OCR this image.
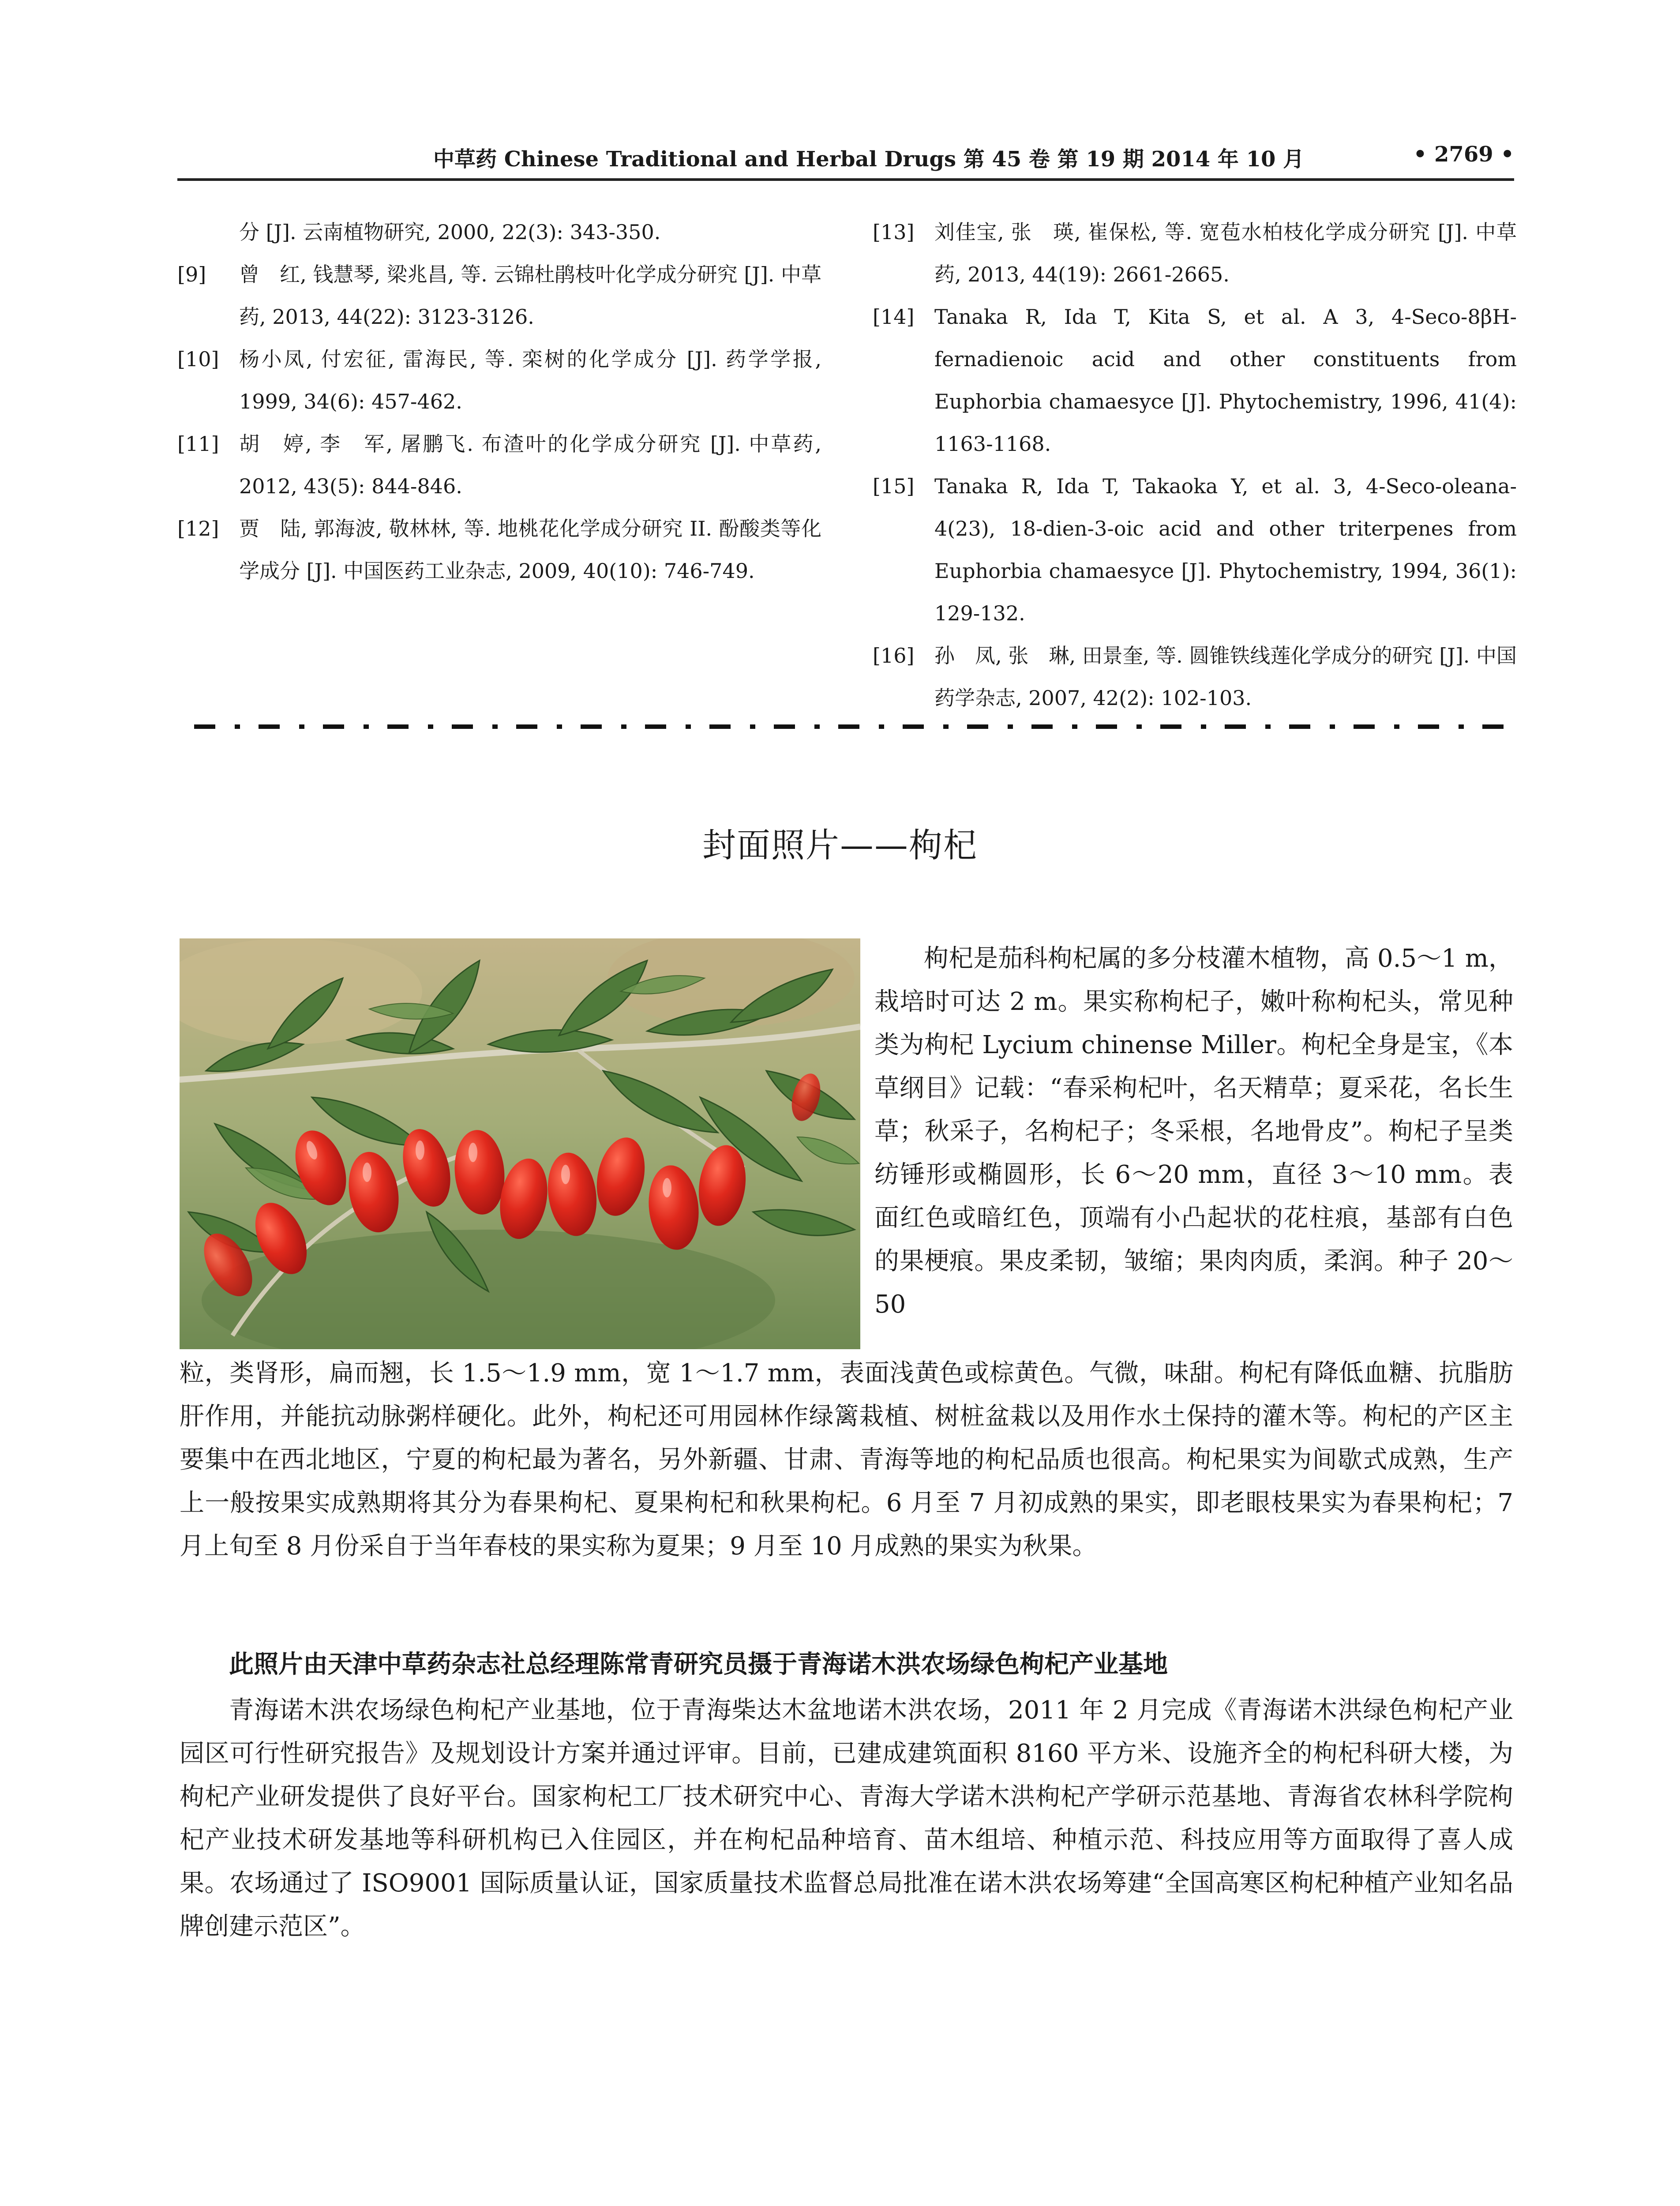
中草药 Chinese Traditional and Herbal Drugs 第 45 卷 第 19 期 2014 年 10 月	• 2769 •

分 [J]. 云南植物研究, 2000, 22(3): 343-350.

[9] 曾　红, 钱慧琴, 梁兆昌, 等. 云锦杜鹃枝叶化学成分研究 [J]. 中草药, 2013, 44(22): 3123-3126.

[10] 杨小凤, 付宏征, 雷海民, 等. 栾树的化学成分 [J]. 药学学报, 1999, 34(6): 457-462.

[11] 胡　婷, 李　军, 屠鹏飞. 布渣叶的化学成分研究 [J]. 中草药, 2012, 43(5): 844-846.

[12] 贾　陆, 郭海波, 敬林林, 等. 地桃花化学成分研究 II. 酚酸类等化学成分 [J]. 中国医药工业杂志, 2009, 40(10): 746-749.

[13] 刘佳宝, 张　瑛, 崔保松, 等. 宽苞水柏枝化学成分研究 [J]. 中草药, 2013, 44(19): 2661-2665.

[14] Tanaka R, Ida T, Kita S, et al. A 3, 4-Seco-8βH-fernadienoic acid and other constituents from Euphorbia chamaesyce [J]. Phytochemistry, 1996, 41(4): 1163-1168.

[15] Tanaka R, Ida T, Takaoka Y, et al. 3, 4-Seco-oleana-4(23), 18-dien-3-oic acid and other triterpenes from Euphorbia chamaesyce [J]. Phytochemistry, 1994, 36(1): 129-132.

[16] 孙　凤, 张　琳, 田景奎, 等. 圆锥铁线莲化学成分的研究 [J]. 中国药学杂志, 2007, 42(2): 102-103.

封面照片——枸杞
枸杞是茄科枸杞属的多分枝灌木植物，高 0.5～1 m，栽培时可达 2 m。果实称枸杞子，嫩叶称枸杞头，常见种类为枸杞 Lycium chinense Miller。枸杞全身是宝，《本草纲目》记载：“春采枸杞叶，名天精草；夏采花，名长生草；秋采子，名枸杞子；冬采根，名地骨皮”。枸杞子呈类纺锤形或椭圆形，长 6～20 mm，直径 3～10 mm。表面红色或暗红色，顶端有小凸起状的花柱痕，基部有白色的果梗痕。果皮柔韧，皱缩；果肉肉质，柔润。种子 20～50
粒，类肾形，扁而翘，长 1.5～1.9 mm，宽 1～1.7 mm，表面浅黄色或棕黄色。气微，味甜。枸杞有降低血糖、抗脂肪肝作用，并能抗动脉粥样硬化。此外，枸杞还可用园林作绿篱栽植、树桩盆栽以及用作水土保持的灌木等。枸杞的产区主要集中在西北地区，宁夏的枸杞最为著名，另外新疆、甘肃、青海等地的枸杞品质也很高。枸杞果实为间歇式成熟，生产上一般按果实成熟期将其分为春果枸杞、夏果枸杞和秋果枸杞。6 月至 7 月初成熟的果实，即老眼枝果实为春果枸杞；7 月上旬至 8 月份采自于当年春枝的果实称为夏果；9 月至 10 月成熟的果实为秋果。
此照片由天津中草药杂志社总经理陈常青研究员摄于青海诺木洪农场绿色枸杞产业基地
青海诺木洪农场绿色枸杞产业基地，位于青海柴达木盆地诺木洪农场，2011 年 2 月完成《青海诺木洪绿色枸杞产业园区可行性研究报告》及规划设计方案并通过评审。目前，已建成建筑面积 8160 平方米、设施齐全的枸杞科研大楼，为枸杞产业研发提供了良好平台。国家枸杞工厂技术研究中心、青海大学诺木洪枸杞产学研示范基地、青海省农林科学院枸杞产业技术研发基地等科研机构已入住园区，并在枸杞品种培育、苗木组培、种植示范、科技应用等方面取得了喜人成果。农场通过了 ISO9001 国际质量认证，国家质量技术监督总局批准在诺木洪农场筹建“全国高寒区枸杞种植产业知名品牌创建示范区”。
